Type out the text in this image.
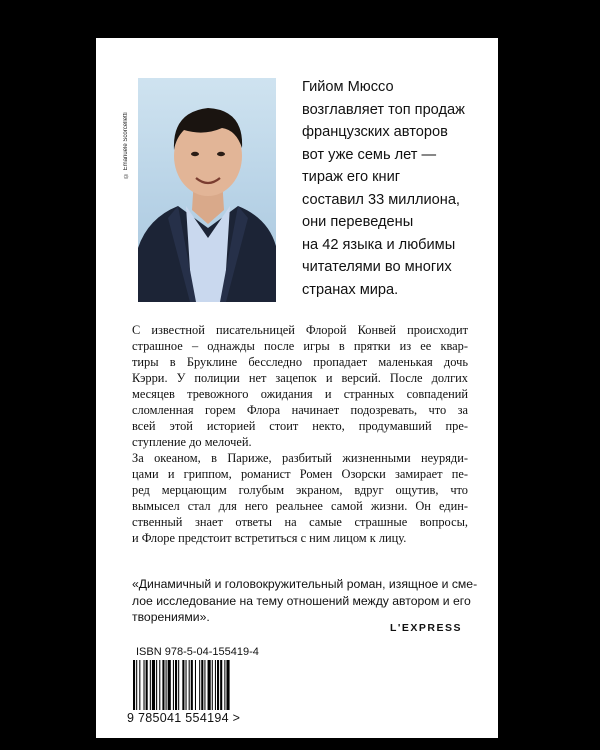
© Emanuele Scorcelletti
Гийом Мюссо
возглавляет топ продаж
французских авторов
вот уже семь лет —
тираж его книг
составил 33 миллиона,
они переведены
на 42 языка и любимы
читателями во многих
странах мира.
С известной писательницей Флорой Конвей происходит
страшное – однажды после игры в прятки из ее квар-
тиры в Бруклине бесследно пропадает маленькая дочь
Кэрри. У полиции нет зацепок и версий. После долгих
месяцев тревожного ожидания и странных совпадений
сломленная горем Флора начинает подозревать, что за
всей этой историей стоит некто, продумавший пре-
ступление до мелочей.
За океаном, в Париже, разбитый жизненными неуряди-
цами и гриппом, романист Ромен Озорски замирает пе-
ред мерцающим голубым экраном, вдруг ощутив, что
вымысел стал для него реальнее самой жизни. Он един-
ственный знает ответы на самые страшные вопросы,
и Флоре предстоит встретиться с ним лицом к лицу.
«Динамичный и головокружительный роман, изящное и сме-
лое исследование на тему отношений между автором и его
творениями».
L'EXPRESS
ISBN 978-5-04-155419-4
9 785041 554194 >
